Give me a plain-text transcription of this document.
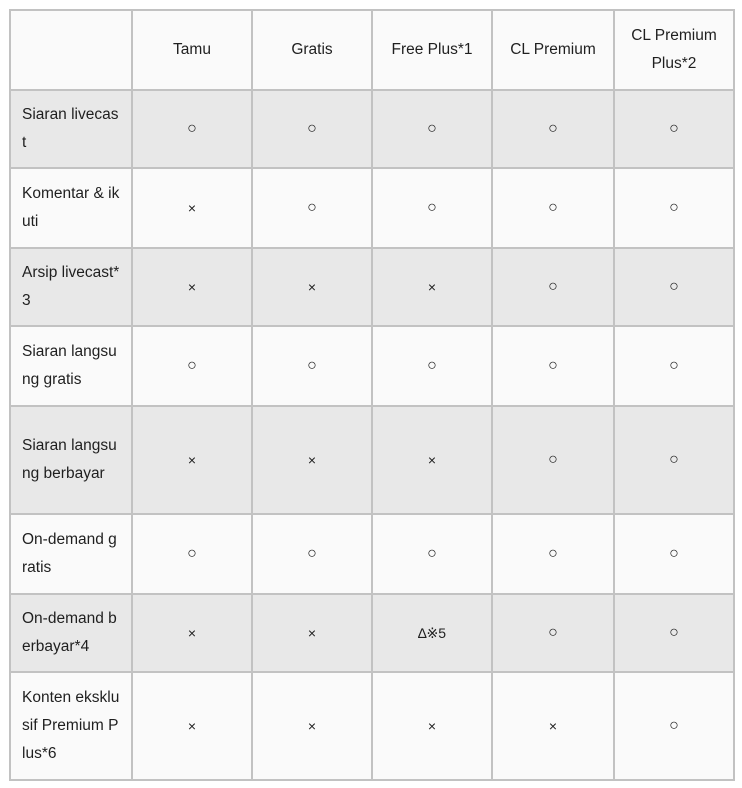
	Tamu	Gratis	Free Plus*1	CL Premium	CL Premium Plus*2
Siaran livecast	○	○	○	○	○
Komentar & ikuti	×	○	○	○	○
Arsip livecast*3	×	×	×	○	○
Siaran langsung gratis	○	○	○	○	○
Siaran langsung berbayar	×	×	×	○	○
On-demand gratis	○	○	○	○	○
On-demand berbayar*4	×	×	∆※5	○	○
Konten eksklusif Premium Plus*6	×	×	×	×	○
